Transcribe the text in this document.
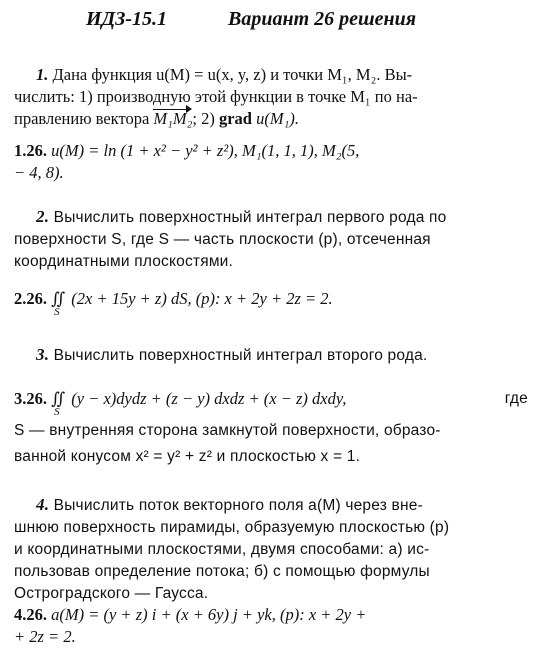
ИДЗ-15.1	Вариант 26 решения
1. Дана функция u(M) = u(x, y, z) и точки M₁, M₂. Вы-
числить: 1) производную этой функции в точке M₁ по на-
правлению вектора M₁M₂; 2) grad u(M₁).
1.26. u(M) = ln (1 + x² − y² + z²), M₁(1, 1, 1), M₂(5,
− 4, 8).
2. Вычислить поверхностный интеграл первого рода по
поверхности S, где S — часть плоскости (p), отсеченная
координатными плоскостями.
2.26. ∬
S
(2x + 15y + z) dS, (p): x + 2y + 2z = 2.
3. Вычислить поверхностный интеграл второго рода.
3.26. ∬
S
(y − x)dydz + (z − y) dxdz + (x − z) dxdy,	где
S — внутренняя сторона замкнутой поверхности, образо-
ванной конусом x² = y² + z² и плоскостью x = 1.
4. Вычислить поток векторного поля a(M) через вне-
шнюю поверхность пирамиды, образуемую плоскостью (p)
и координатными плоскостями, двумя способами: а) ис-
пользовав определение потока; б) с помощью формулы
Остроградского — Гаусса.
4.26. a(M) = (y + z) i + (x + 6y) j + yk, (p): x + 2y +
+ 2z = 2.
